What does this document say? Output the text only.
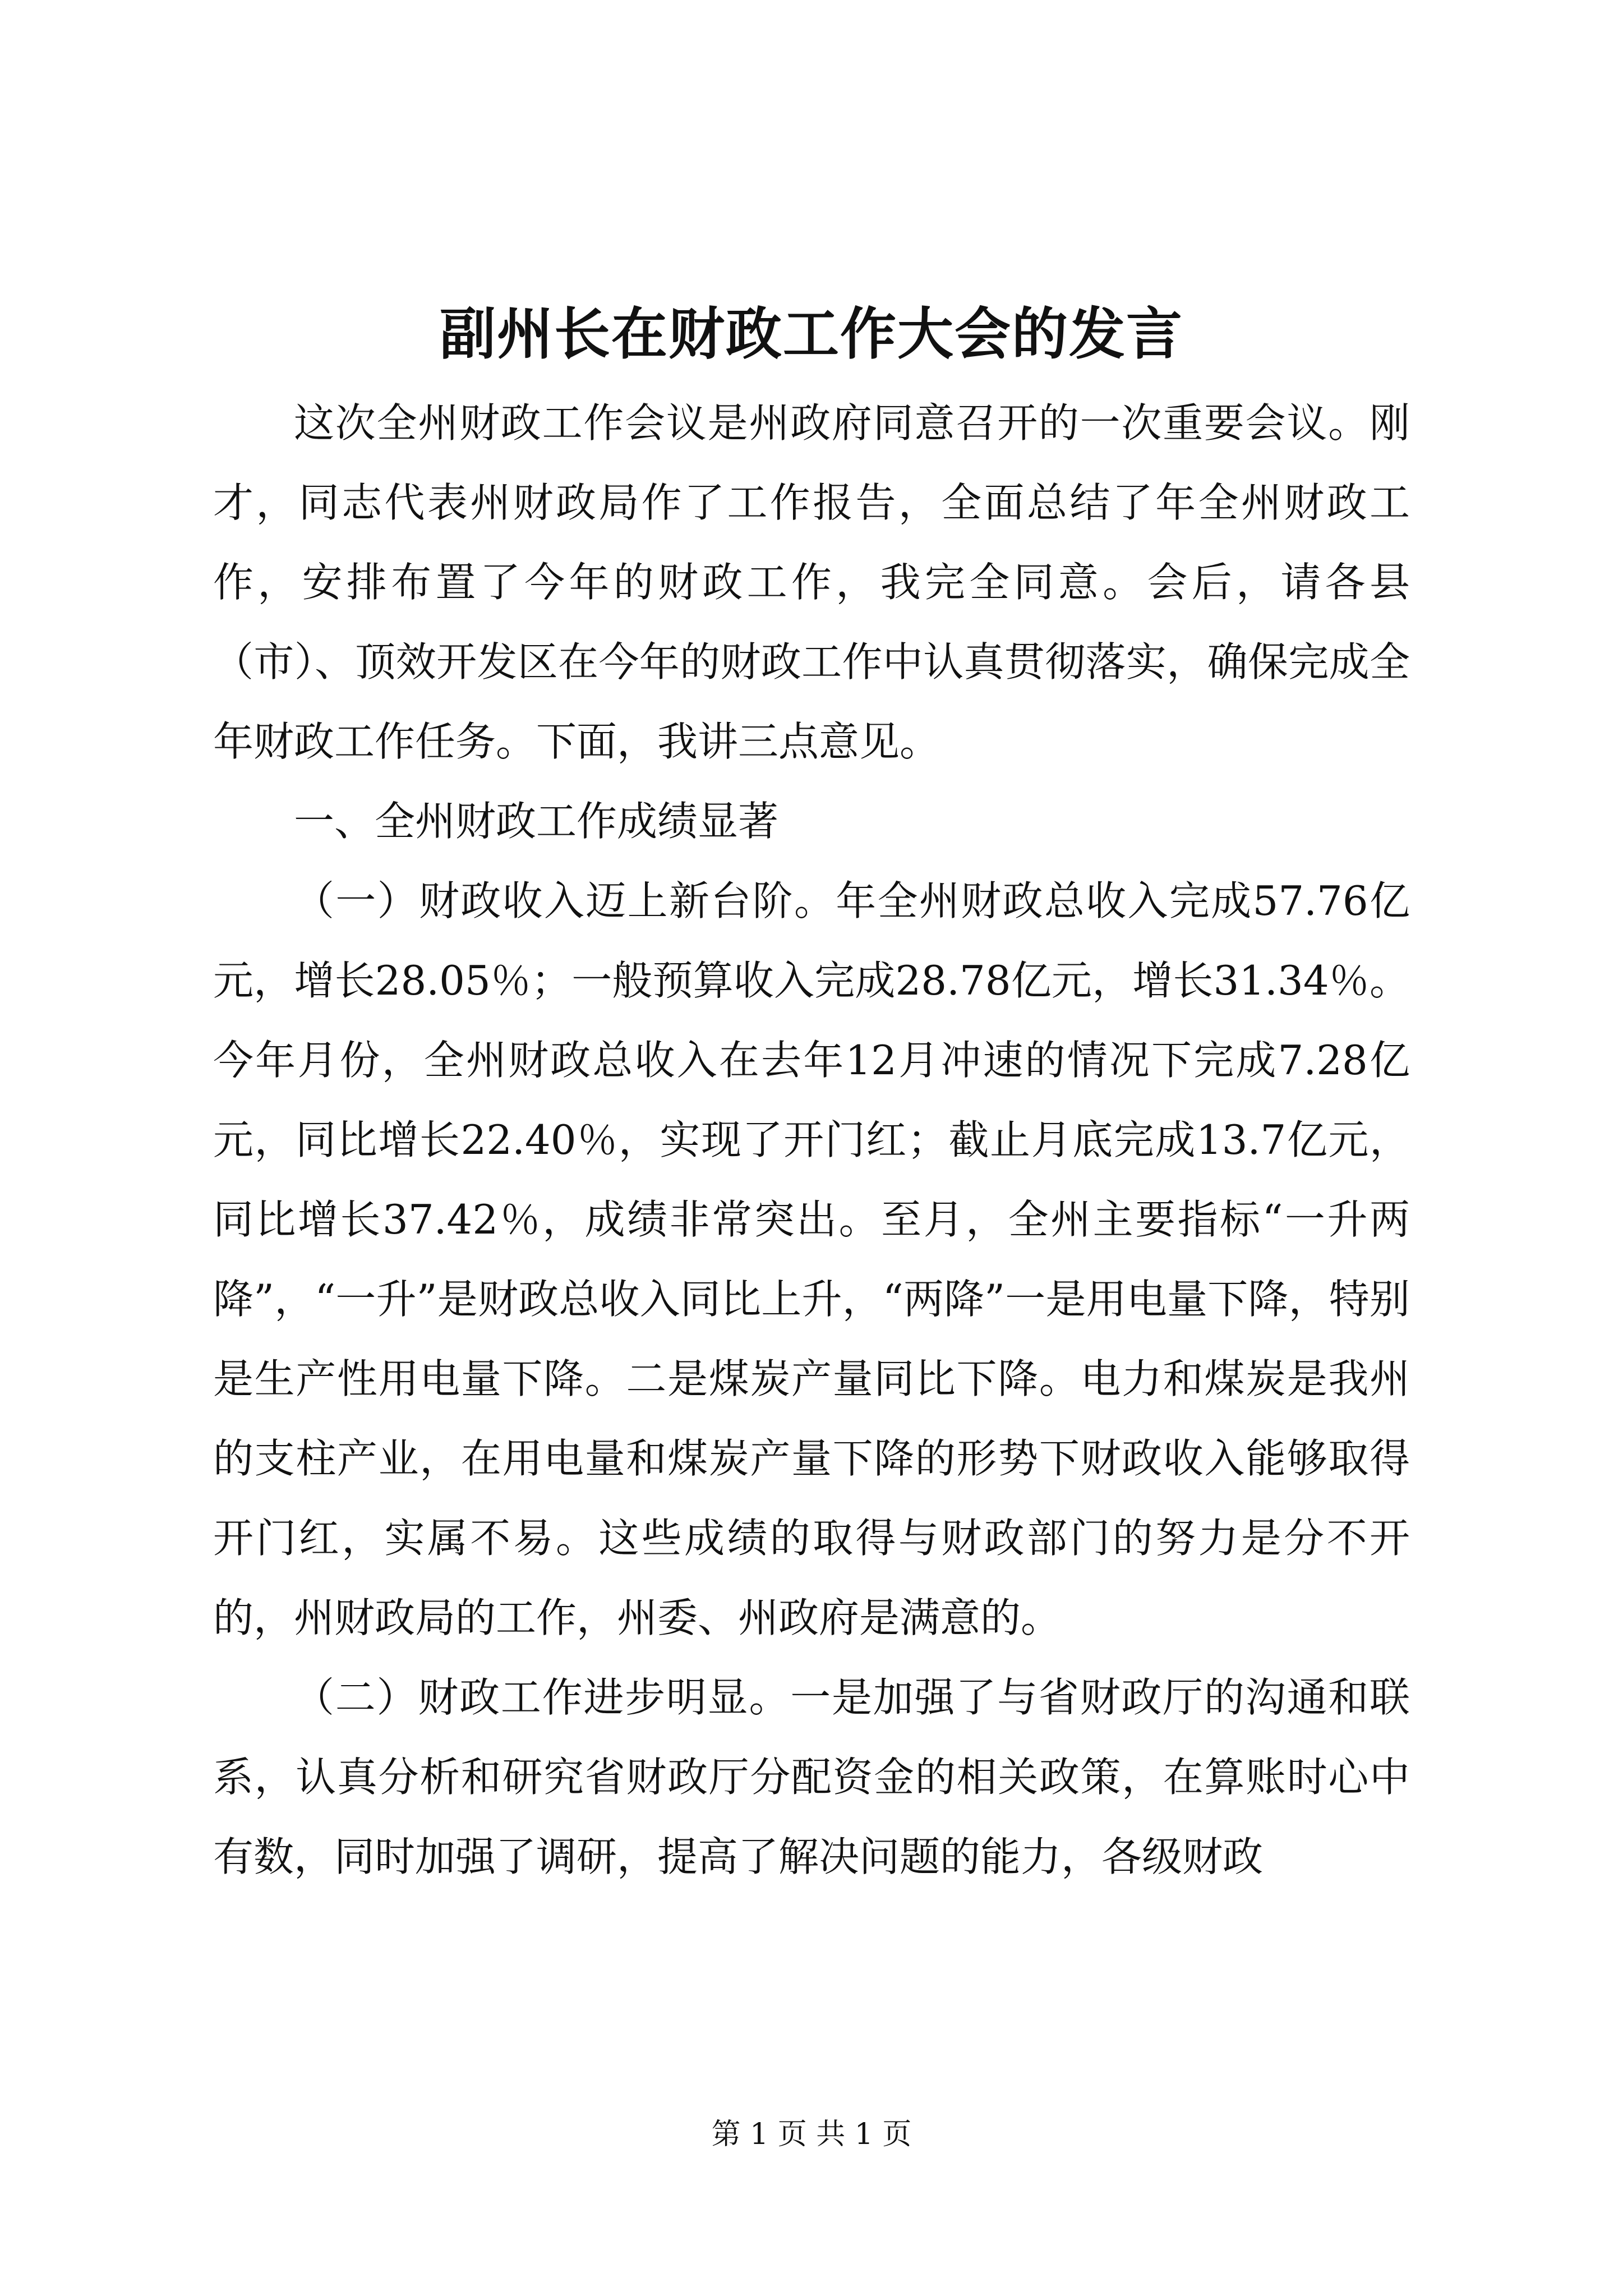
副州长在财政工作大会的发言

这次全州财政工作会议是州政府同意召开的一次重要会议。刚才，同志代表州财政局作了工作报告，全面总结了年全州财政工作，安排布置了今年的财政工作，我完全同意。会后，请各县（市）、顶效开发区在今年的财政工作中认真贯彻落实，确保完成全年财政工作任务。下面，我讲三点意见。

一、全州财政工作成绩显著

（一）财政收入迈上新台阶。年全州财政总收入完成57.76亿元，增长28.05％；一般预算收入完成28.78亿元，增长31.34％。今年月份，全州财政总收入在去年12月冲速的情况下完成7.28亿元，同比增长22.40％，实现了开门红；截止月底完成13.7亿元，同比增长37.42％，成绩非常突出。至月，全州主要指标“一升两降”，“一升”是财政总收入同比上升，“两降”一是用电量下降，特别是生产性用电量下降。二是煤炭产量同比下降。电力和煤炭是我州的支柱产业，在用电量和煤炭产量下降的形势下财政收入能够取得开门红，实属不易。这些成绩的取得与财政部门的努力是分不开的，州财政局的工作，州委、州政府是满意的。

（二）财政工作进步明显。一是加强了与省财政厅的沟通和联系，认真分析和研究省财政厅分配资金的相关政策，在算账时心中有数，同时加强了调研，提高了解决问题的能力，各级财政

第 1 页 共 1 页
